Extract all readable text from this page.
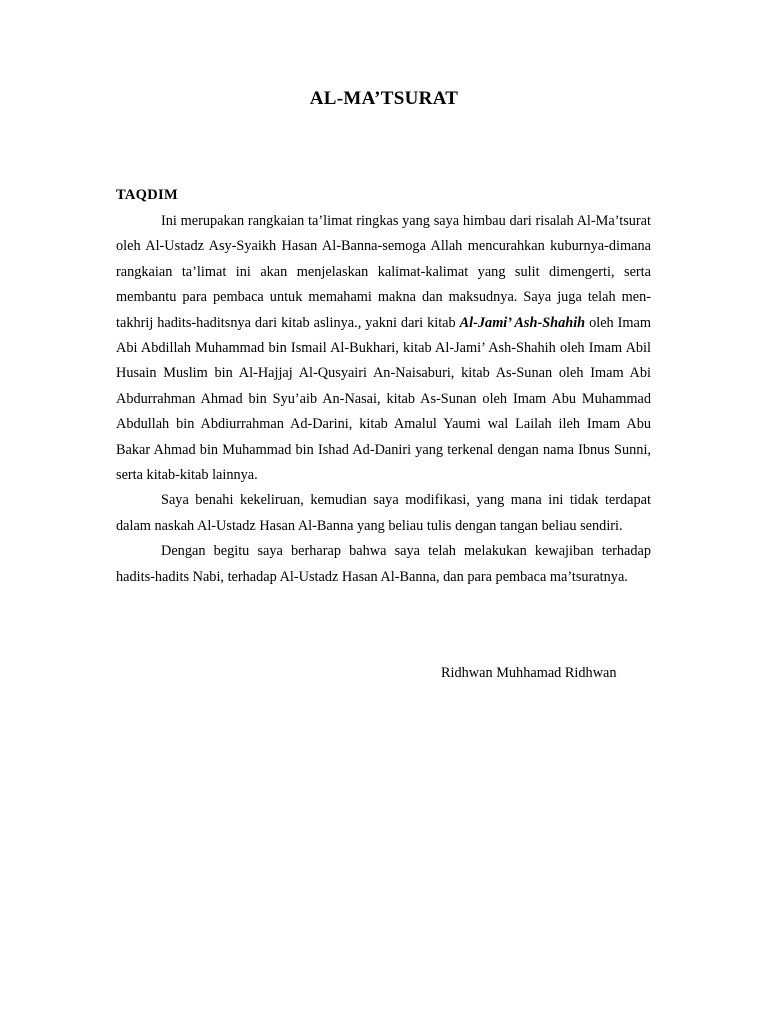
AL-MA’TSURAT
TAQDIM

Ini merupakan rangkaian ta’limat ringkas yang saya himbau dari risalah Al-Ma’tsurat oleh Al-Ustadz Asy-Syaikh Hasan Al-Banna-semoga Allah mencurahkan kuburnya-dimana rangkaian ta’limat ini akan menjelaskan kalimat-kalimat yang sulit dimengerti, serta membantu para pembaca untuk memahami makna dan maksudnya. Saya juga telah men-takhrij hadits-haditsnya dari kitab aslinya., yakni dari kitab Al-Jami’ Ash-Shahih oleh Imam Abi Abdillah Muhammad bin Ismail Al-Bukhari, kitab Al-Jami’ Ash-Shahih oleh Imam Abil Husain Muslim bin Al-Hajjaj Al-Qusyairi An-Naisaburi, kitab As-Sunan oleh Imam Abi Abdurrahman Ahmad bin Syu’aib An-Nasai, kitab As-Sunan oleh Imam Abu Muhammad Abdullah bin Abdiurrahman Ad-Darini, kitab Amalul Yaumi wal Lailah ileh Imam Abu Bakar Ahmad bin Muhammad bin Ishad Ad-Daniri yang terkenal dengan nama Ibnus Sunni, serta kitab-kitab lainnya.

Saya benahi kekeliruan, kemudian saya modifikasi, yang mana ini tidak terdapat dalam naskah Al-Ustadz Hasan Al-Banna yang beliau tulis dengan tangan beliau sendiri.

Dengan begitu saya berharap bahwa saya telah melakukan kewajiban terhadap hadits-hadits Nabi, terhadap Al-Ustadz Hasan Al-Banna, dan para pembaca ma’tsuratnya.

Ridhwan Muhhamad Ridhwan
